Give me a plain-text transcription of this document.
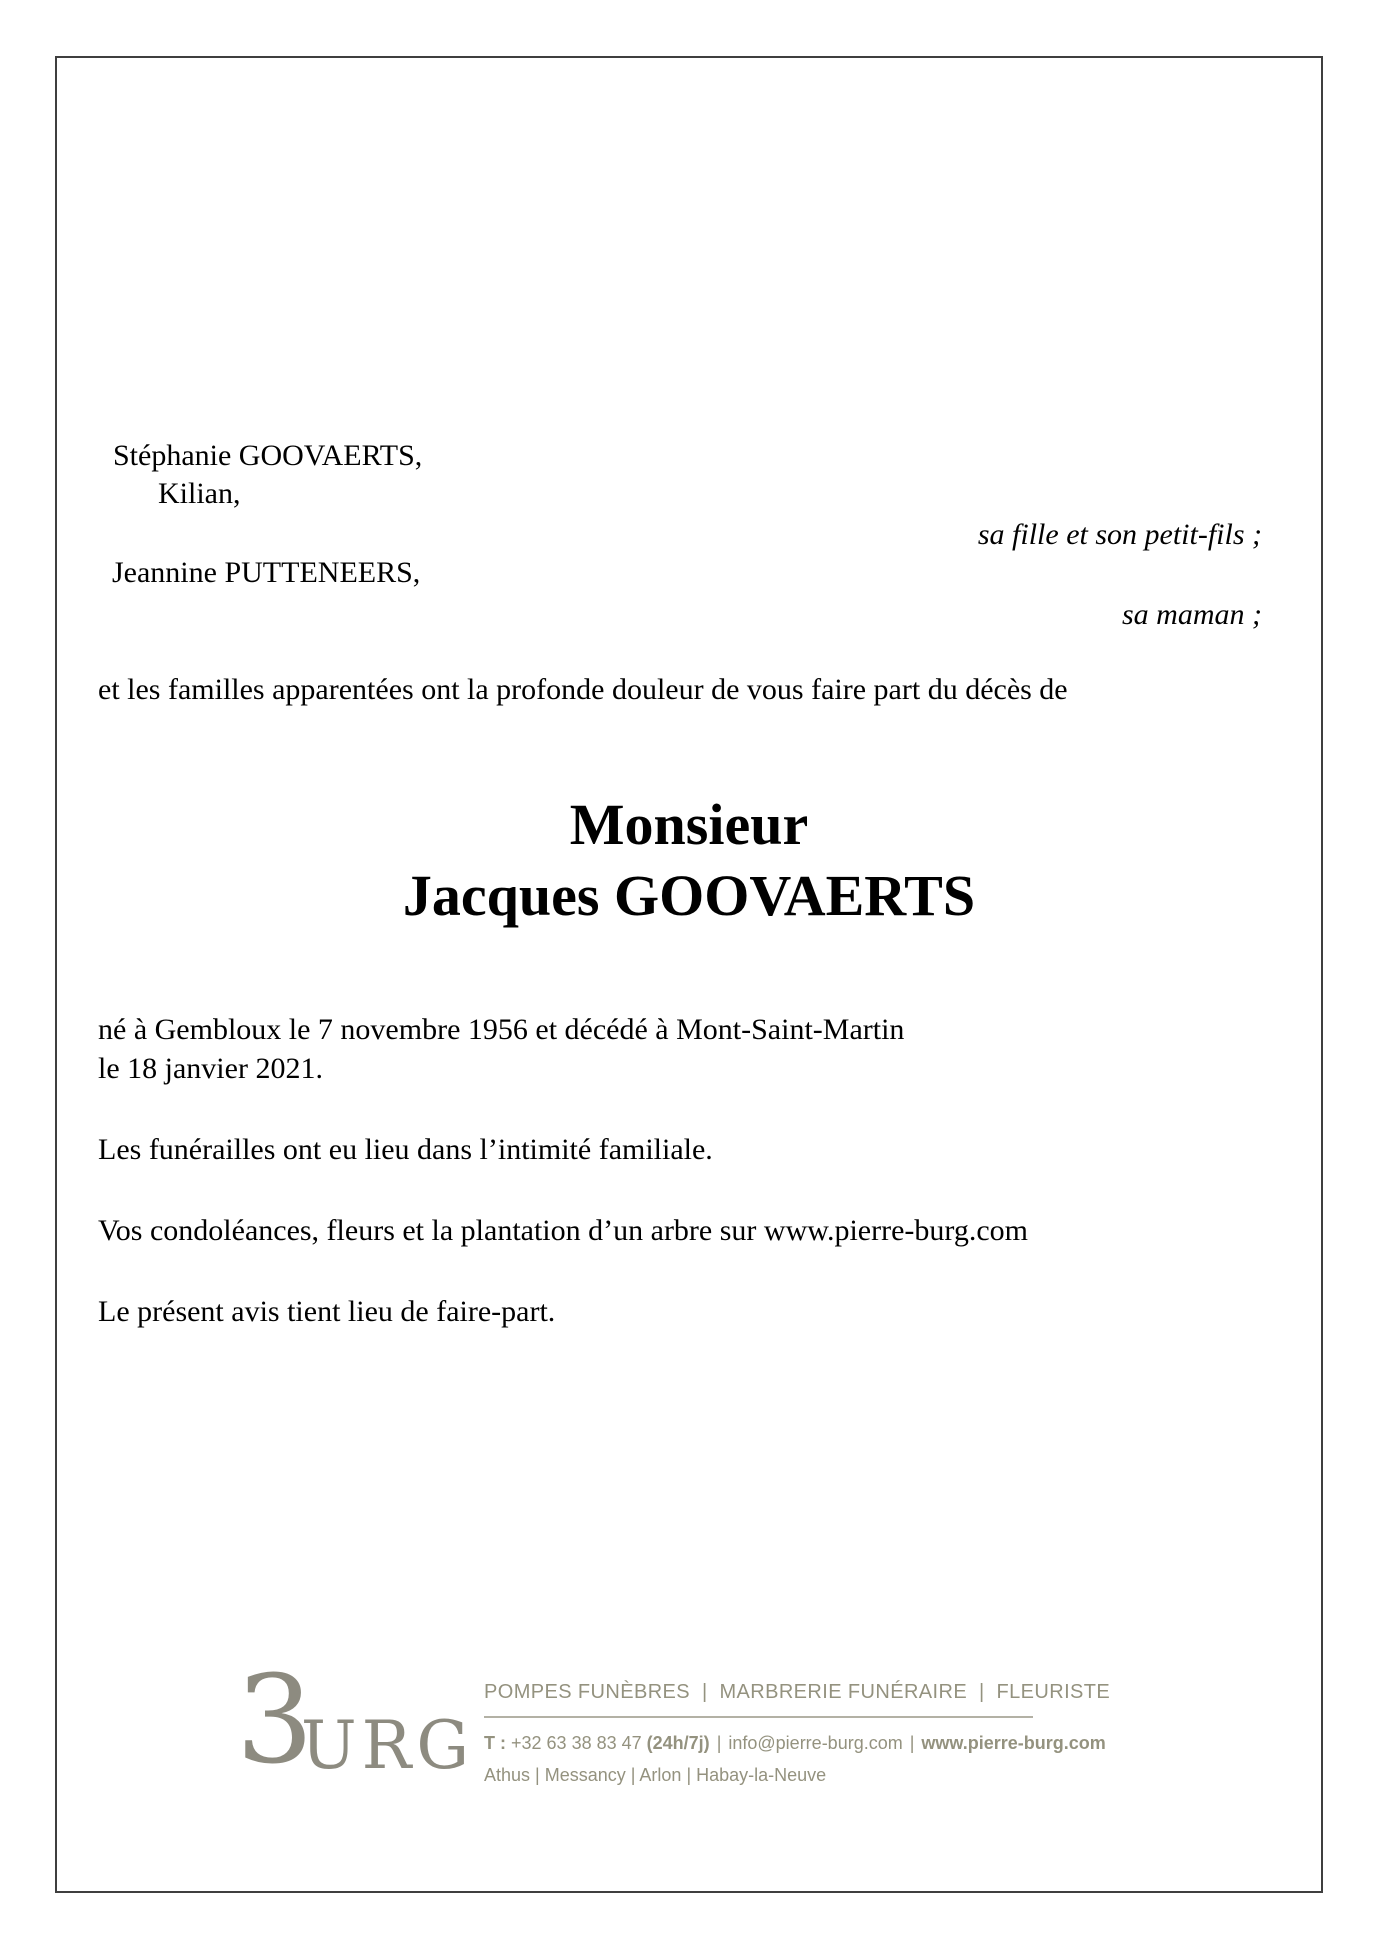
Stéphanie GOOVAERTS,
Kilian,
sa fille et son petit-fils ;
Jeannine PUTTENEERS,
sa maman ;
et les familles apparentées ont la profonde douleur de vous faire part du décès de
Monsieur
Jacques GOOVAERTS
né à Gembloux le 7 novembre 1956 et décédé à Mont-Saint-Martin
le 18 janvier 2021.
Les funérailles ont eu lieu dans l’intimité familiale.
Vos condoléances, fleurs et la plantation d’un arbre sur www.pierre-burg.com
Le présent avis tient lieu de faire-part.
3
URG
POMPES FUNÈBRES  |  MARBRERIE FUNÉRAIRE  |  FLEURISTE
T : +32 63 38 83 47 (24h/7j) | info@pierre-burg.com | www.pierre-burg.com
Athus | Messancy | Arlon | Habay-la-Neuve
